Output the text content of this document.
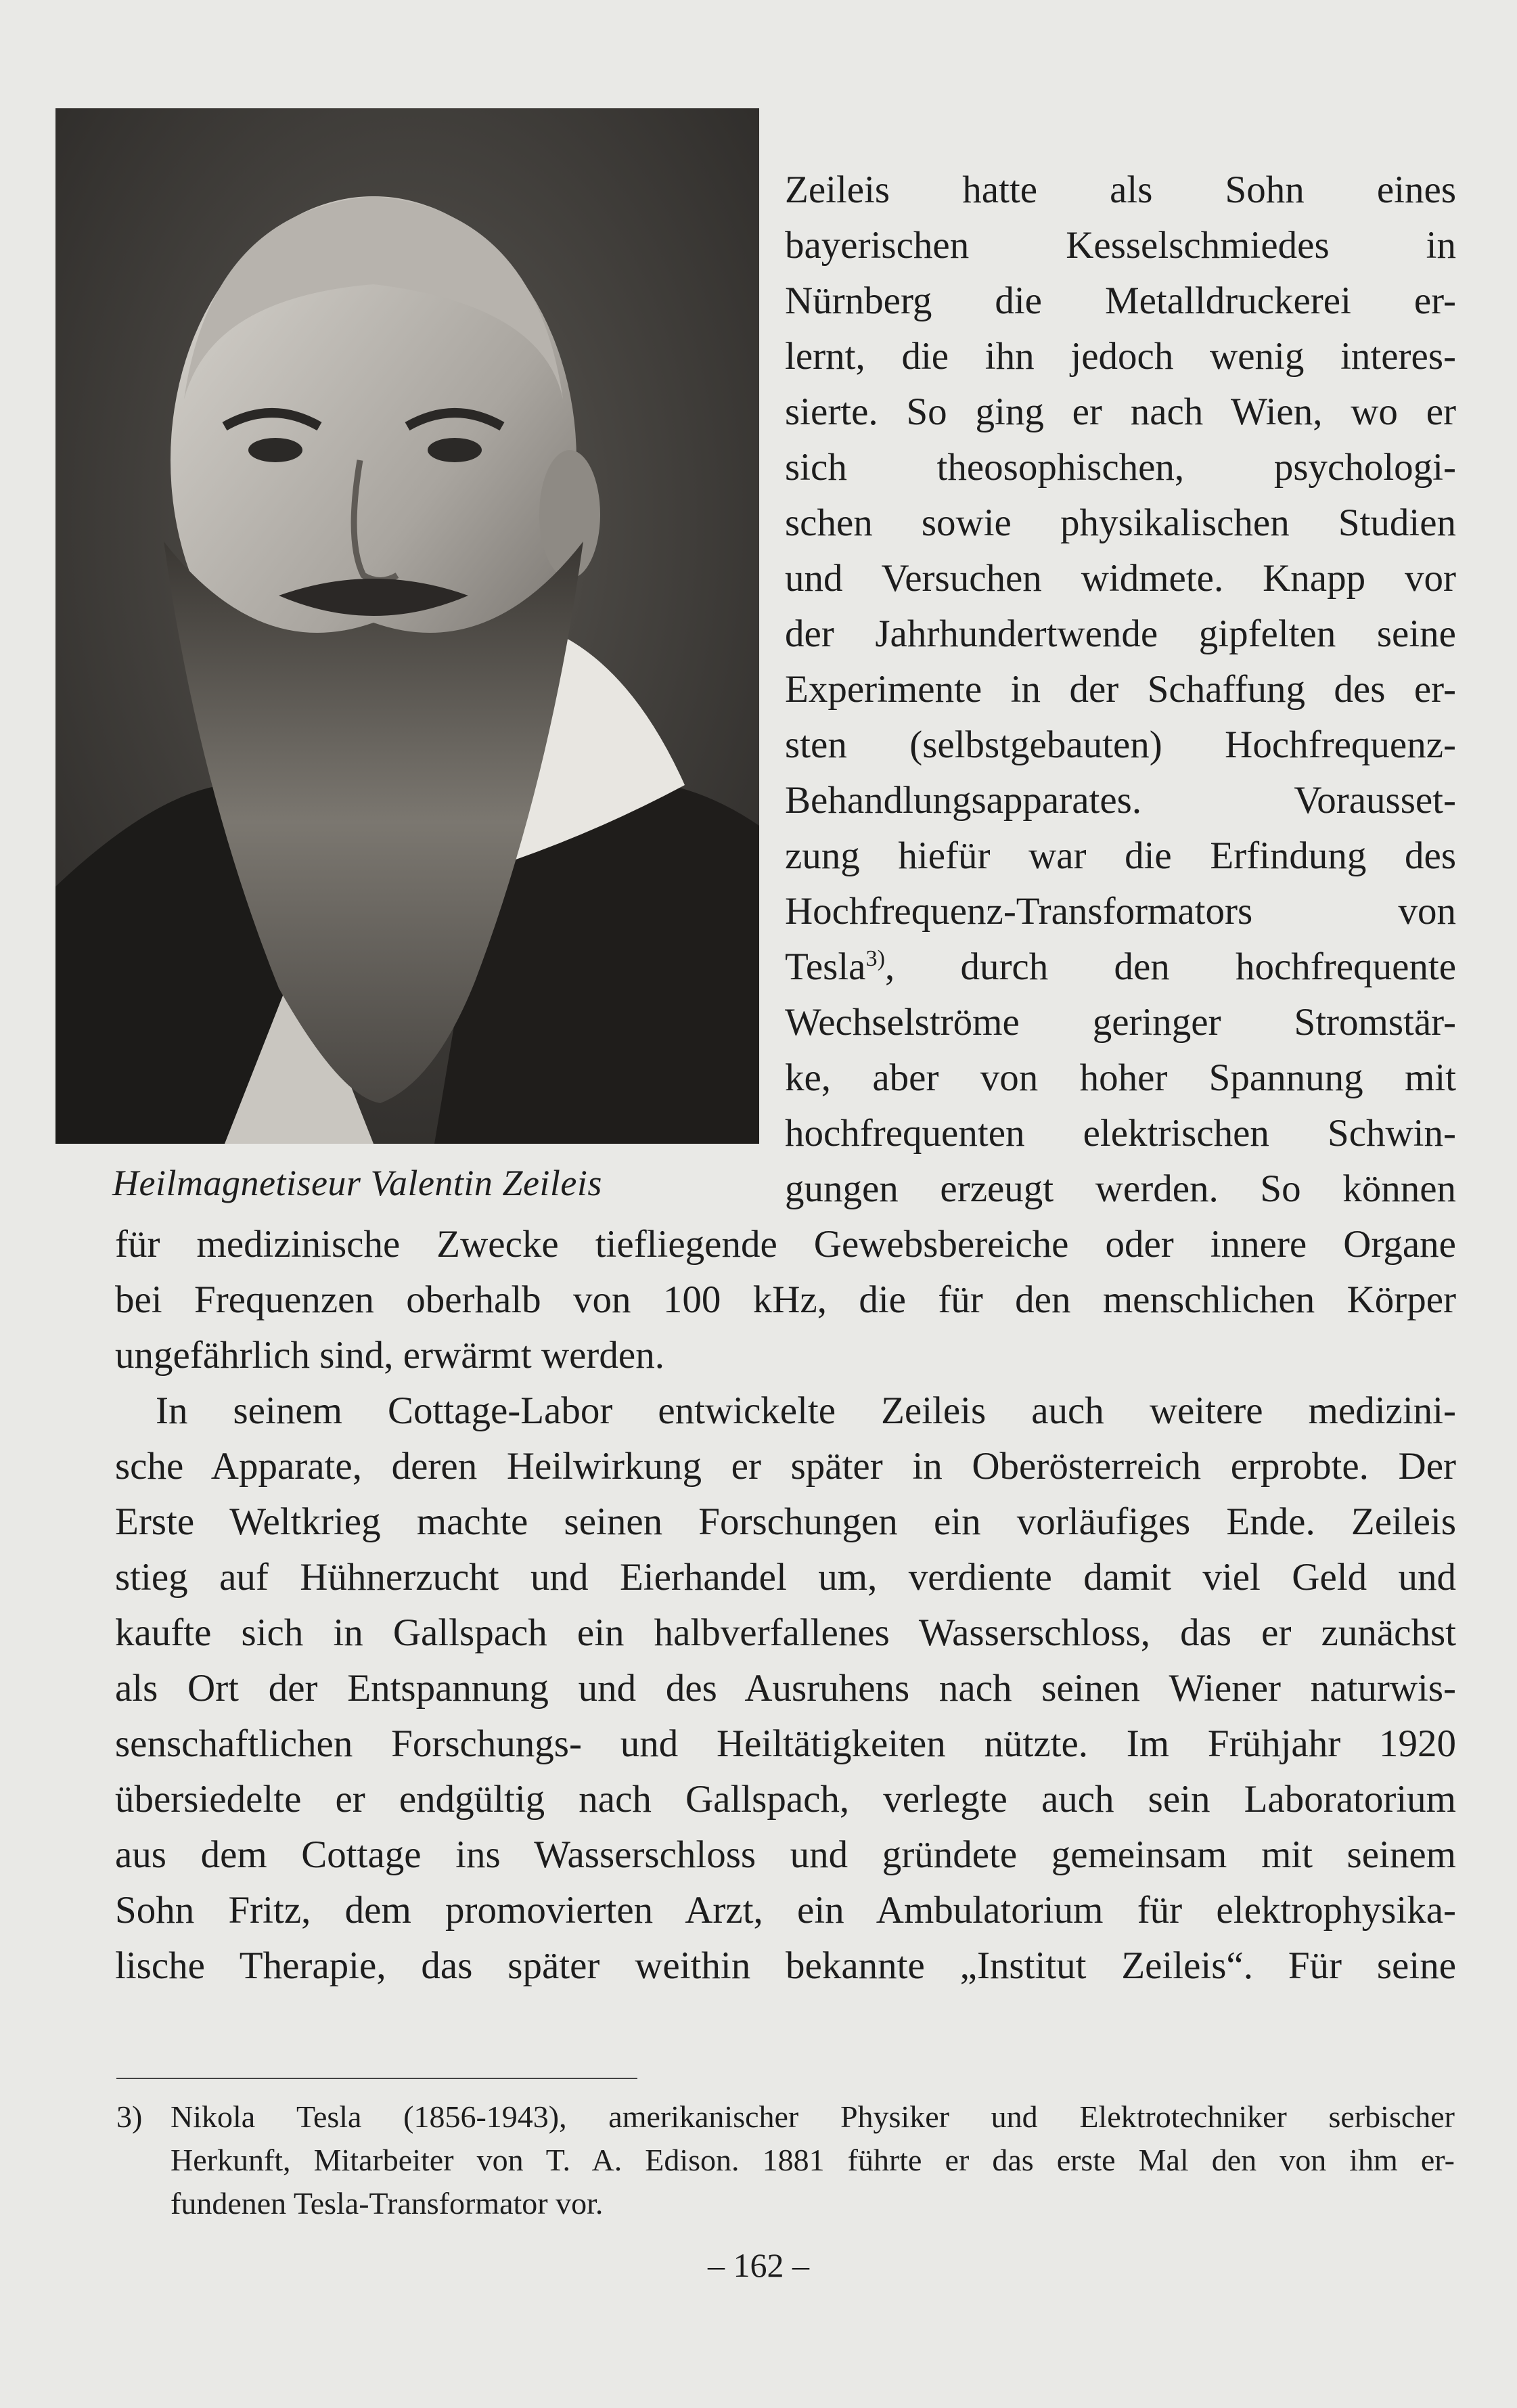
Heilmagnetiseur Valentin Zeileis
Zeileis hatte als Sohn eines
bayerischen Kesselschmiedes in
Nürnberg die Metalldruckerei er-
lernt, die ihn jedoch wenig interes-
sierte. So ging er nach Wien, wo er
sich theosophischen, psychologi-
schen sowie physikalischen Studien
und Versuchen widmete. Knapp vor
der Jahrhundertwende gipfelten seine
Experimente in der Schaffung des er-
sten (selbstgebauten) Hochfrequenz-
Behandlungsapparates. Vorausset-
zung hiefür war die Erfindung des
Hochfrequenz-Transformators von
Tesla$^{3)}$, durch den hochfrequente
Wechselströme geringer Stromstär-
ke, aber von hoher Spannung mit
hochfrequenten elektrischen Schwin-
gungen erzeugt werden. So können
für medizinische Zwecke tiefliegende Gewebsbereiche oder innere Organe
bei Frequenzen oberhalb von 100 kHz, die für den menschlichen Körper
ungefährlich sind, erwärmt werden.
In seinem Cottage-Labor entwickelte Zeileis auch weitere medizini-
sche Apparate, deren Heilwirkung er später in Oberösterreich erprobte. Der
Erste Weltkrieg machte seinen Forschungen ein vorläufiges Ende. Zeileis
stieg auf Hühnerzucht und Eierhandel um, verdiente damit viel Geld und
kaufte sich in Gallspach ein halbverfallenes Wasserschloss, das er zunächst
als Ort der Entspannung und des Ausruhens nach seinen Wiener naturwis-
senschaftlichen Forschungs- und Heiltätigkeiten nützte. Im Frühjahr 1920
übersiedelte er endgültig nach Gallspach, verlegte auch sein Laboratorium
aus dem Cottage ins Wasserschloss und gründete gemeinsam mit seinem
Sohn Fritz, dem promovierten Arzt, ein Ambulatorium für elektrophysika-
lische Therapie, das später weithin bekannte „Institut Zeileis“. Für seine
3) Nikola Tesla (1856-1943), amerikanischer Physiker und Elektrotechniker serbischer
Herkunft, Mitarbeiter von T. A. Edison. 1881 führte er das erste Mal den von ihm er-
fundenen Tesla-Transformator vor.
– 162 –
